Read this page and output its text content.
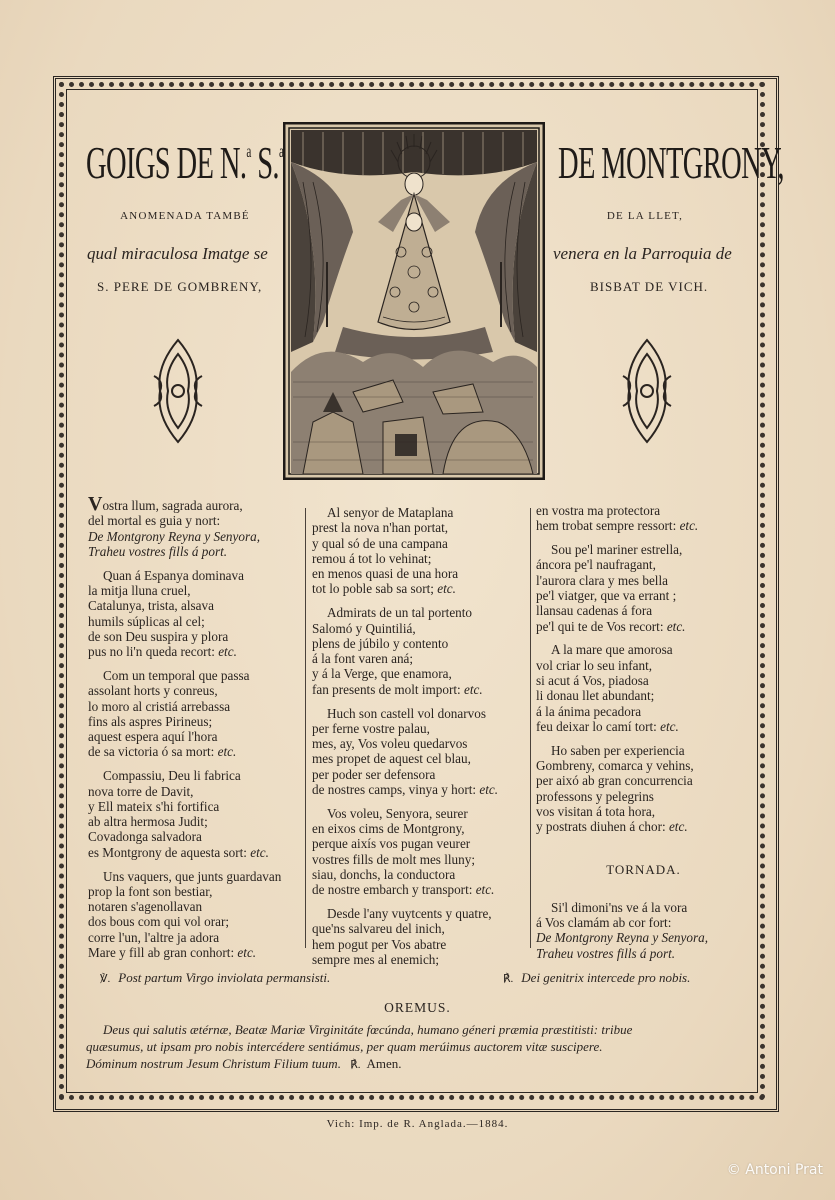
GOIGS DE N.$^a$ S.$^a$	DE MONTGRONY,
ANOMENADA TAMBÉ	DE LA LLET,
qual miraculosa Imatge se	venera en la Parroquia de
S. PERE DE GOMBRENY,	BISBAT DE VICH.
Vostra llum, sagrada aurora,
del mortal es guia y nort:
De Montgrony Reyna y Senyora,
Traheu vostres fills á port.
Quan á Espanya dominava
la mitja lluna cruel,
Catalunya, trista, alsava
humils súplicas al cel;
de son Deu suspira y plora
pus no li'n queda recort: etc.
Com un temporal que passa
assolant horts y conreus,
lo moro al cristiá arrebassa
fins als aspres Pirineus;
aquest espera aquí l'hora
de sa victoria ó sa mort: etc.
Compassiu, Deu li fabrica
nova torre de Davit,
y Ell mateix s'hi fortifica
ab altra hermosa Judit;
Covadonga salvadora
es Montgrony de aquesta sort: etc.
Uns vaquers, que junts guardavan
prop la font son bestiar,
notaren s'agenollavan
dos bous com qui vol orar;
corre l'un, l'altre ja adora
Mare y fill ab gran conhort: etc.
Al senyor de Mataplana
prest la nova n'han portat,
y qual só de una campana
remou á tot lo vehinat;
en menos quasi de una hora
tot lo poble sab sa sort; etc.
Admirats de un tal portento
Salomó y Quintiliá,
plens de júbilo y contento
á la font varen aná;
y á la Verge, que enamora,
fan presents de molt import: etc.
Huch son castell vol donarvos
per ferne vostre palau,
mes, ay, Vos voleu quedarvos
mes propet de aquest cel blau,
per poder ser defensora
de nostres camps, vinya y hort: etc.
Vos voleu, Senyora, seurer
en eixos cims de Montgrony,
perque aixís vos pugan veurer
vostres fills de molt mes lluny;
siau, donchs, la conductora
de nostre embarch y transport: etc.
Desde l'any vuytcents y quatre,
que'ns salvareu del inich,
hem pogut per Vos abatre
sempre mes al enemich;
en vostra ma protectora
hem trobat sempre ressort: etc.
Sou pe'l mariner estrella,
áncora pe'l naufragant,
l'aurora clara y mes bella
pe'l viatger, que va errant ;
llansau cadenas á fora
pe'l qui te de Vos recort: etc.
A la mare que amorosa
vol criar lo seu infant,
si acut á Vos, piadosa
li donau llet abundant;
á la ánima pecadora
feu deixar lo camí tort: etc.
Ho saben per experiencia
Gombreny, comarca y vehins,
per aixó ab gran concurrencia
professons y pelegrins
vos visitan á tota hora,
y postrats diuhen á chor: etc.
TORNADA.
Si'l dimoni'ns ve á la vora
á Vos clamám ab cor fort:
De Montgrony Reyna y Senyora,
Traheu vostres fills á port.
℣. Post partum Virgo inviolata permansisti.	℟. Dei genitrix intercede pro nobis.
OREMUS.
Deus qui salutis ætérnæ, Beatæ Mariæ Virginitáte fœcúnda, humano géneri præmia præstitisti: tribue
quæsumus, ut ipsam pro nobis intercédere sentiámus, per quam merúimus auctorem vitæ suscipere.
Dóminum nostrum Jesum Christum Filium tuum. ℟. Amen.
Vich: Imp. de R. Anglada.—1884.
© Antoni Prat
